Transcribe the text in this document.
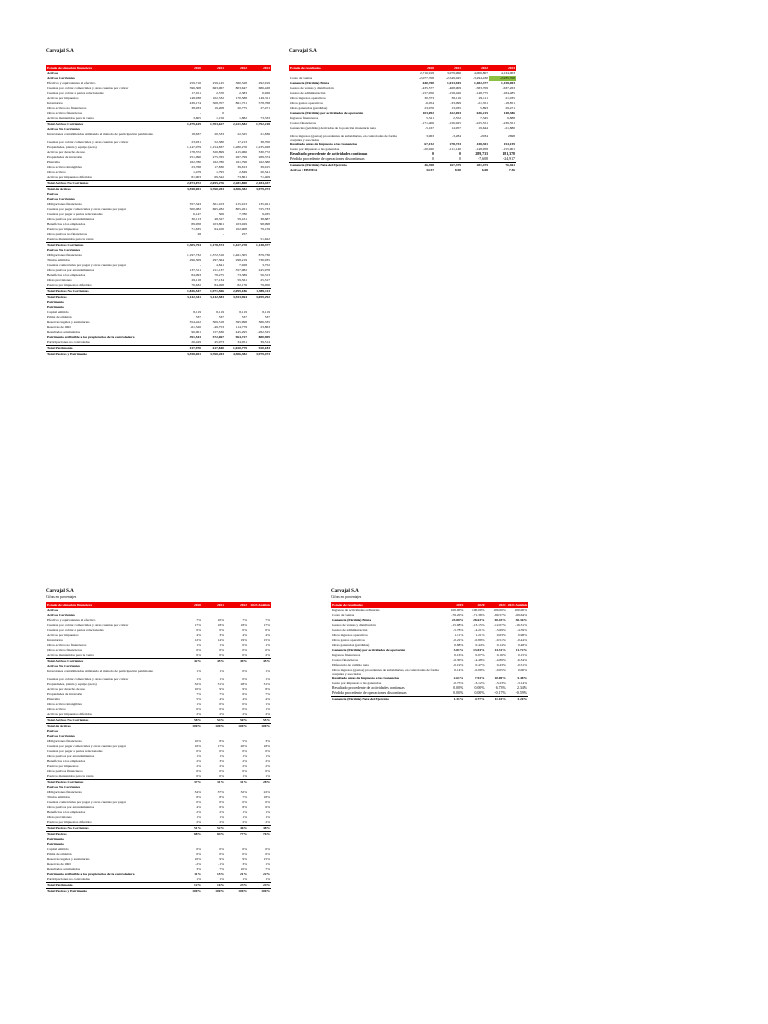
Carvajal S.A
Estado de situación financiera	2020	2021	2022	2023
Activos				
Activos Corrientes				
Efectivo y equivalentes al efectivo	259,716	259,145	360,528	292,919
Cuentas por cobrar comerciales y otras cuentas por cobrar	596,308	663,067	803,647	686,428
Cuentas por cobrar a partes relacionadas	17,011	2,570	2,383	6,926
Activos por impuestos	148,938	102,532	170,588	149,311
Inventarios	439,174	508,707	861,751	578,768
Otros activos no financieros	38,933	19,208	20,775	27,471
Otros activos financieros	-	0		
Activos mantenidos para la venta	3,605	1,156	1,882	73,333
Total Activos Corrientes	1,479,619	1,703,627	2,221,582	1,792,218
Activos No Corrientes				
Inversiones contabilizadas utilizando el método de participación patrimonio	18,637	20,533	22,325	21,836
Cuentas por cobrar comerciales y otras cuentas por cobrar	23,931	52,580	17,213	38,700
Propiedades, planta y equipo (neto)	1,147,079	1,154,837	1,280,276	1,235,028
Activos por derecho de uso	178,372	320,899	415,966	330,772
Propiedades de inversión	251,090	275,765	267,799	289,374
Plusvalía	162,780	162,780	161,796	162,380
Otros activos intangibles	23,768	17,830	39,813	39,915
Otros activos	1,479	1,795	2,849	20,541
Activos por impuestos diferidos	81,903	69,342	73,861	71,409
Total Activos No Corrientes	2,073,072	2,055,276	2,281,800	2,184,437
Total de Activos	3,558,691	3,760,203	4,506,382	3,979,473
Pasivos				
Pasivos Corrientes				
Obligaciones financieras	357,343	301,103	215,913	135,021
Cuentas por pagar comerciales y otras cuentas por pagar	500,082	665,282	805,261	725,733
Cuentas por pagar a partes relacionadas	6,147	506	7,780	9,035
Otros pasivos por arrendamientos	30,113	48,327	59,161	38,687
Beneficios a los empleados	89,958	103,801	103,929	98,998
Pasivos por impuestos	71,635	64,100	102,908	79,159
Otros pasivos no financieros	28	-	257	
Pasivos mantenidos para la venta				51,622
Total Pasivos Corrientes	1,305,794	1,178,573	1,427,278	1,138,377
Pasivos No Corrientes				
Obligaciones financieras	1,197,732	1,372,516	1,461,305	879,736
Títulos emitidos	296,509	297,364	298,219	736,935
Cuentas comerciales por pagar y otras cuentas por pagar	-	4,841	7,928	3,752
Otros pasivos por arrendamientos	137,511	211,137	357,982	245,978
Beneficios a los empleados	84,093	78,275	73,389	56,313
Otras provisiones	29,118	57,134	59,561	25,317
Pasivos por impuestos diferidos	76,632	84,498	82,176	79,050
Total Pasivos No Corrientes	1,836,547	1,971,506	2,099,186	1,989,113
Total Pasivos	3,142,341	3,142,583	3,553,964	3,059,292
Patrimonio				
Patrimonio				
Capital emitido	8,119	8,119	8,119	8,119
Prima de emisión	537	537	537	537
Reservas legales y estatutarias	354,422	309,518	395,998	386,335
Reservas de ORI	-61,526	-49,753	114,779	23,863
Resultados acumulados	90,001	157,636	445,295	-282,525
Patrimonio atribuible a los propietarios de la controladora	391,543	572,067	964,727	880,909
Participaciones no controladas	26,429	45,973	34,051	39,514
Total Patrimonio	417,970	617,840	1,020,779	920,183
Total Pasivos y Patrimonio	3,558,691	3,760,203	4,506,382	3,979,473
Carvajal S.A
Estado de resultados	2020	2021	2022	2023
	2,716,918	3,079,966	4,006,807	4,134,003
Costo de ventas	-2,077,708	-2,549,045	-3,294,430	-2,935,700
Ganancia (Pérdida) Bruta	640,700	1,013,945	1,482,377	1,158,003
Gastos de ventas y distribución	-435,577	-468,909	-583,709	-637,263
Gastos de administración	-157,050	-158,426	-148,775	-184,485
Otros ingresos operativos	30,373	38,116	29,111	21,035
Otros gastos operativos	-6,054	-33,099	-21,351	-18,851
Otras ganancias (pérdidas)	23,976	13,035	5,893	29,471
Ganancia (Pérdida) por actividades de operación	103,092	422,693	636,215	148,386
Ingresos financieros	5,521	2,552	7,345	9,888
Costos financieros	-171,406	-156,925	-225,551	-239,351
Ganancias (pérdidas) derivadas de la posición monetaria neta	-5,167	14,957	19,644	-21,880
Otros ingresos (gastos) procedentes de subsidiarias, en controladas de forma conjunta y asociadas	3,963	-3,284	-2034	2698
Resultado antes de Impuesto a las Ganancias	67,152	278,733	438,301	154,159
Gasto por impuesto a las ganancias	-20,920	-111,140	-148,958	-155,901
Resultado procedente de actividades continuas	0	0	289,733	181,378
Pérdida procedente de operaciones discontinuas	0	0	-7,608	-24,917
Ganancia (Pérdida) Neta del Ejercicio	46,398	167,379	281,475	76,461
Activos / EBITDA	34.57	8.90	6.08	7.36
Carvajal S.A
Cifras en porcentajes
Estado de situación financiera	2020	2021	2022	2023 Análisis
Activos				
Activos Corrientes				
Efectivo y equivalentes al efectivo	7%	10%	7%	7%
Cuentas por cobrar comerciales y otras cuentas por cobrar	17%	18%	18%	17%
Cuentas por cobrar a partes relacionadas	0%	0%	0%	0%
Activos por impuestos	4%	3%	4%	4%
Inventarios	12%	14%	19%	15%
Otros activos no financieros	1%	1%	0%	1%
Otros activos financieros	0%	0%	0%	0%
Activos mantenidos para la venta	0%	0%	0%	2%
Total Activos Corrientes	42%	45%	49%	45%
Activos No Corrientes				
Inversiones contabilizadas utilizando el método de participación patrimonio	1%	1%	0%	1%
Cuentas por cobrar comerciales y otras cuentas por cobrar	1%	1%	0%	1%
Propiedades, planta y equipo (neto)	32%	31%	28%	31%
Activos por derecho de uso	10%	9%	9%	8%
Propiedades de inversión	7%	7%	6%	7%
Plusvalía	5%	4%	4%	4%
Otros activos intangibles	1%	0%	0%	1%
Otros activos	0%	0%	0%	1%
Activos por impuestos diferidos	2%	2%	2%	2%
Total Activos No Corrientes	58%	54%	50%	55%
Total de Activos	100%	100%	100%	100%
Pasivos				
Pasivos Corrientes				
Obligaciones financieras	10%	8%	5%	3%
Cuentas por pagar comerciales y otras cuentas por pagar	16%	17%	20%	18%
Cuentas por pagar a partes relacionadas	0%	0%	0%	0%
Otros pasivos por arrendamientos	1%	1%	1%	1%
Beneficios a los empleados	2%	3%	2%	2%
Pasivos por impuestos	2%	2%	2%	2%
Otros pasivos financieros	0%	0%	0%	0%
Pasivos mantenidos para la venta	0%	0%	1%	1%
Total Pasivos Corrientes	37%	31%	31%	28%
Pasivos No Corrientes				
Obligaciones financieras	34%	37%	32%	22%
Títulos emitidos	8%	8%	7%	18%
Cuentas comerciales por pagar y otras cuentas por pagar	0%	0%	0%	0%
Otros pasivos por arrendamientos	4%	6%	8%	6%
Beneficios a los empleados	2%	2%	1%	1%
Otras provisiones	1%	1%	1%	1%
Pasivos por impuestos diferidos	2%	2%	2%	2%
Total Pasivos No Corrientes	51%	52%	46%	48%
Total Pasivos	88%	84%	77%	76%
Patrimonio				
Patrimonio				
Capital emitido	0%	0%	0%	0%
Prima de emisión	0%	0%	0%	0%
Reservas legales y estatutarias	10%	9%	9%	15%
Reservas de ORI	-2%	-1%	3%	1%
Resultados acumulados	3%	7%	10%	7%
Patrimonio atribuible a los propietarios de la controladora	11%	15%	21%	22%
Participaciones no controladas	1%	1%	1%	1%
Total Patrimonio	12%	16%	23%	24%
Total Pasivos y Patrimonio	100%	100%	100%	100%
Carvajal S.A
Cifras en porcentajes
Estado de resultados	2019	2020	2021	2021 Análisis
Ingresos de actividades ordinarias	100.00%	100.00%	100.00%	100.00%
Costo de ventas	-76.20%	-71.36%	-69.57%	-69.64%
Ganancia (Pérdida) Bruta	23.80%	28.63%	30.43%	30.36%
Gastos de ventas y distribución	-15.98%	-13.15%	-12.07%	-16.31%
Gastos de administración	-5.78%	-4.21%	-3.69%	-4.59%
Otros ingresos operativos	1.11%	1.21%	0.63%	0.98%
Otros gastos operativos	-0.22%	-0.89%	-0.51%	-0.44%
Otras ganancias (pérdidas)	0.88%	0.44%	0.14%	0.48%
Ganancia (Pérdida) por actividades de operación	3.81%	13.04%	14.31%	11.72%
Ingresos financieros	0.16%	0.07%	0.16%	0.15%
Costos financieros	-6.30%	-4.48%	-4.89%	-6.34%
Diferencia de cambio neta	-0.19%	0.47%	0.43%	-0.51%
Otros ingresos (gastos) procedentes de subsidiarias, en controladas de forma conjunta y asociadas	0.14%	-0.09%	-0.05%	0.00%
Resultado antes de Impuesto a las Ganancias	2.61%	7.93%	10.00%	5.48%
Gasto por impuesto a las ganancias	-0.75%	-3.12%	-3.23%	-3.14%
Resultado procedente de actividades continuas	0.00%	0.00%	6.73%	2.34%
Pérdida procedente de operaciones discontinuas	0.00%	0.00%	-0.17%	-0.59%
Ganancia (Pérdida) Neta del Ejercicio	1.31%	4.77%	11.10%	3.20%
